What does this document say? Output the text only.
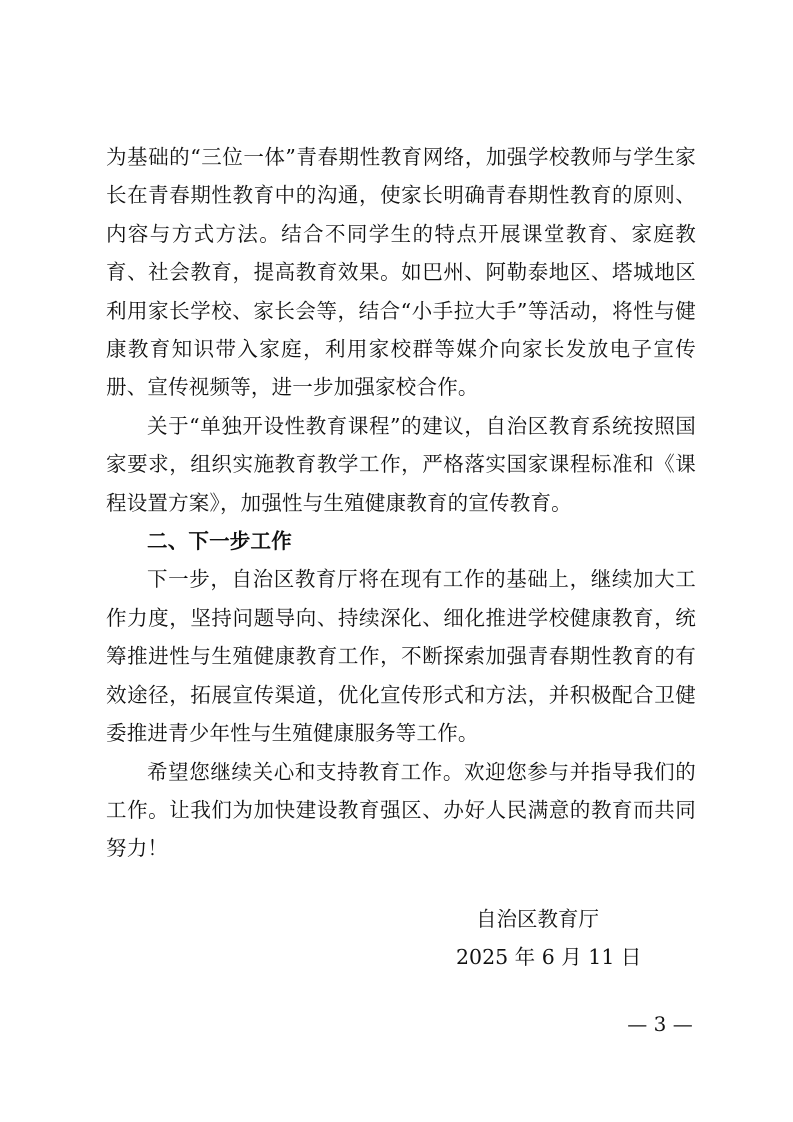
为基础的“三位一体”青春期性教育网络，加强学校教师与学生家长在青春期性教育中的沟通，使家长明确青春期性教育的原则、内容与方式方法。结合不同学生的特点开展课堂教育、家庭教育、社会教育，提高教育效果。如巴州、阿勒泰地区、塔城地区利用家长学校、家长会等，结合“小手拉大手”等活动，将性与健康教育知识带入家庭，利用家校群等媒介向家长发放电子宣传册、宣传视频等，进一步加强家校合作。

关于“单独开设性教育课程”的建议，自治区教育系统按照国家要求，组织实施教育教学工作，严格落实国家课程标准和《课程设置方案》，加强性与生殖健康教育的宣传教育。

二、下一步工作

下一步，自治区教育厅将在现有工作的基础上，继续加大工作力度，坚持问题导向、持续深化、细化推进学校健康教育，统筹推进性与生殖健康教育工作，不断探索加强青春期性教育的有效途径，拓展宣传渠道，优化宣传形式和方法，并积极配合卫健委推进青少年性与生殖健康服务等工作。

希望您继续关心和支持教育工作。欢迎您参与并指导我们的工作。让我们为加快建设教育强区、办好人民满意的教育而共同努力！

自治区教育厅
2025 年 6 月 11 日
— 3 —
